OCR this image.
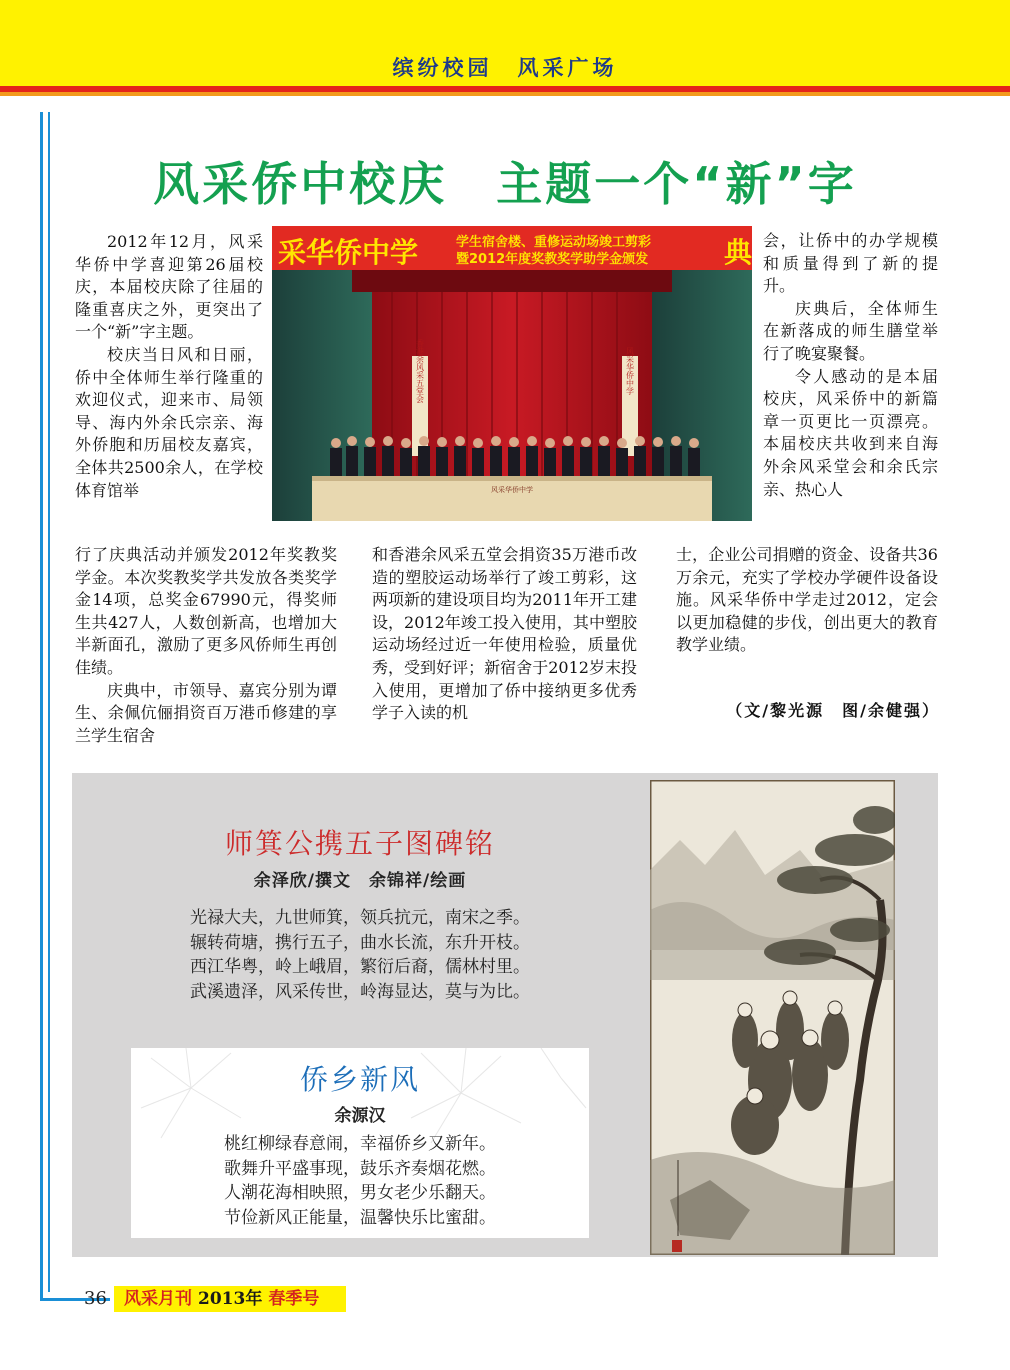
缤纷校园　风采广场
风采侨中校庆　主题一个“新”字

2012年12月，风采华侨中学喜迎第26届校庆，本届校庆除了往届的隆重喜庆之外，更突出了一个“新”字主题。

校庆当日风和日丽，侨中全体师生举行隆重的欢迎仪式，迎来市、局领导、海内外余氏宗亲、海外侨胞和历届校友嘉宾，全体共2500余人，在学校体育馆举

采华侨中学	学生宿舍楼、重修运动场竣工剪彩
暨2012年度奖教奖学助学金颁发	典
香港余风采五堂会	风采华侨中学
风采华侨中学

行了庆典活动并颁发2012年奖教奖学金。本次奖教奖学共发放各类奖学金14项，总奖金67990元，得奖师生共427人，人数创新高，也增加大半新面孔，激励了更多风侨师生再创佳绩。

庆典中，市领导、嘉宾分别为谭生、余佩伉俪捐资百万港币修建的享兰学生宿舍

和香港余风采五堂会捐资35万港币改造的塑胶运动场举行了竣工剪彩，这两项新的建设项目均为2011年开工建设，2012年竣工投入使用，其中塑胶运动场经过近一年使用检验，质量优秀，受到好评；新宿舍于2012岁末投入使用，更增加了侨中接纳更多优秀学子入读的机

会，让侨中的办学规模和质量得到了新的提升。

庆典后，全体师生在新落成的师生膳堂举行了晚宴聚餐。

令人感动的是本届校庆，风采侨中的新篇章一页更比一页漂亮。本届校庆共收到来自海外余风采堂会和余氏宗亲、热心人

士，企业公司捐赠的资金、设备共36万余元，充实了学校办学硬件设备设施。风采华侨中学走过2012，定会以更加稳健的步伐，创出更大的教育教学业绩。

（文/黎光源　图/余健强）
师箕公携五子图碑铭
余泽欣/撰文　余锦祥/绘画
光禄大夫，九世师箕，领兵抗元，南宋之季。
辗转荷塘，携行五子，曲水长流，东升开枝。
西江华粤，岭上峨眉，繁衍后裔，儒林村里。
武溪遗泽，风采传世，岭海显达，莫与为比。
侨乡新风
余源汉
桃红柳绿春意闹，幸福侨乡又新年。
歌舞升平盛事现，鼓乐齐奏烟花燃。
人潮花海相映照，男女老少乐翻天。
节俭新风正能量，温馨快乐比蜜甜。
36	风采月刊 2013年 春季号
